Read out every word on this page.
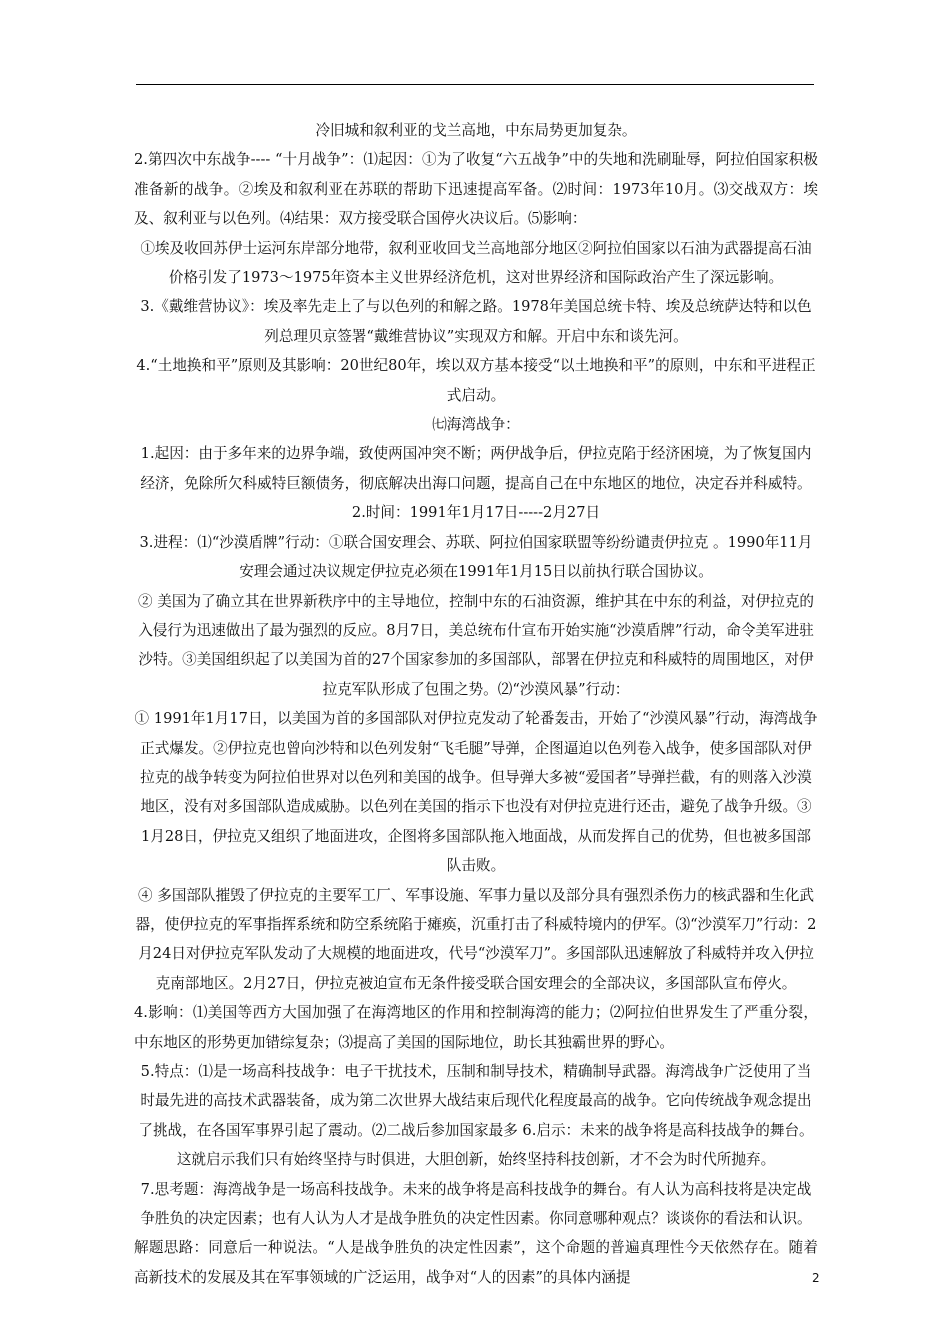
冷旧城和叙利亚的戈兰高地，中东局势更加复杂。

2.第四次中东战争---- “十月战争”：⑴起因：①为了收复“六五战争”中的失地和洗刷耻辱，阿拉伯国家积极准备新的战争。②埃及和叙利亚在苏联的帮助下迅速提高军备。⑵时间：1973年10月。⑶交战双方：埃及、叙利亚与以色列。⑷结果：双方接受联合国停火决议后。⑸影响：

①埃及收回苏伊士运河东岸部分地带，叙利亚收回戈兰高地部分地区②阿拉伯国家以石油为武器提高石油价格引发了1973～1975年资本主义世界经济危机，这对世界经济和国际政治产生了深远影响。

3.《戴维营协议》：埃及率先走上了与以色列的和解之路。1978年美国总统卡特、埃及总统萨达特和以色列总理贝京签署“戴维营协议”实现双方和解。开启中东和谈先河。

4.“土地换和平”原则及其影响：20世纪80年，埃以双方基本接受“以土地换和平”的原则，中东和平进程正式启动。

㈦海湾战争：

1.起因：由于多年来的边界争端，致使两国冲突不断；两伊战争后，伊拉克陷于经济困境，为了恢复国内经济，免除所欠科威特巨额债务，彻底解决出海口问题，提高自己在中东地区的地位，决定吞并科威特。 2.时间：1991年1月17日-----2月27日

3.进程：⑴“沙漠盾牌”行动：①联合国安理会、苏联、阿拉伯国家联盟等纷纷谴责伊拉克 。1990年11月安理会通过决议规定伊拉克必须在1991年1月15日以前执行联合国协议。

② 美国为了确立其在世界新秩序中的主导地位，控制中东的石油资源，维护其在中东的利益，对伊拉克的入侵行为迅速做出了最为强烈的反应。8月7日，美总统布什宣布开始实施“沙漠盾牌”行动，命令美军进驻沙特。③美国组织起了以美国为首的27个国家参加的多国部队，部署在伊拉克和科威特的周围地区，对伊拉克军队形成了包围之势。⑵“沙漠风暴”行动：

① 1991年1月17日，以美国为首的多国部队对伊拉克发动了轮番轰击，开始了“沙漠风暴”行动，海湾战争正式爆发。②伊拉克也曾向沙特和以色列发射“飞毛腿”导弹，企图逼迫以色列卷入战争，使多国部队对伊拉克的战争转变为阿拉伯世界对以色列和美国的战争。但导弹大多被“爱国者”导弹拦截，有的则落入沙漠地区，没有对多国部队造成威胁。以色列在美国的指示下也没有对伊拉克进行还击，避免了战争升级。③ 1月28日，伊拉克又组织了地面进攻，企图将多国部队拖入地面战，从而发挥自己的优势，但也被多国部队击败。

④ 多国部队摧毁了伊拉克的主要军工厂、军事设施、军事力量以及部分具有强烈杀伤力的核武器和生化武器，使伊拉克的军事指挥系统和防空系统陷于瘫痪，沉重打击了科威特境内的伊军。⑶“沙漠军刀”行动：2月24日对伊拉克军队发动了大规模的地面进攻，代号“沙漠军刀”。多国部队迅速解放了科威特并攻入伊拉克南部地区。2月27日，伊拉克被迫宣布无条件接受联合国安理会的全部决议，多国部队宣布停火。

4.影响：⑴美国等西方大国加强了在海湾地区的作用和控制海湾的能力；⑵阿拉伯世界发生了严重分裂，中东地区的形势更加错综复杂；⑶提高了美国的国际地位，助长其独霸世界的野心。

5.特点：⑴是一场高科技战争：电子干扰技术，压制和制导技术，精确制导武器。海湾战争广泛使用了当时最先进的高技术武器装备，成为第二次世界大战结束后现代化程度最高的战争。它向传统战争观念提出了挑战，在各国军事界引起了震动。⑵二战后参加国家最多 6.启示：未来的战争将是高科技战争的舞台。这就启示我们只有始终坚持与时俱进，大胆创新，始终坚持科技创新，才不会为时代所抛弃。

7.思考题：海湾战争是一场高科技战争。未来的战争将是高科技战争的舞台。有人认为高科技将是决定战争胜负的决定因素；也有人认为人才是战争胜负的决定性因素。你同意哪种观点？谈谈你的看法和认识。

解题思路：同意后一种说法。“人是战争胜负的决定性因素”，这个命题的普遍真理性今天依然存在。随着高新技术的发展及其在军事领域的广泛运用，战争对“人的因素”的具体内涵提	2
